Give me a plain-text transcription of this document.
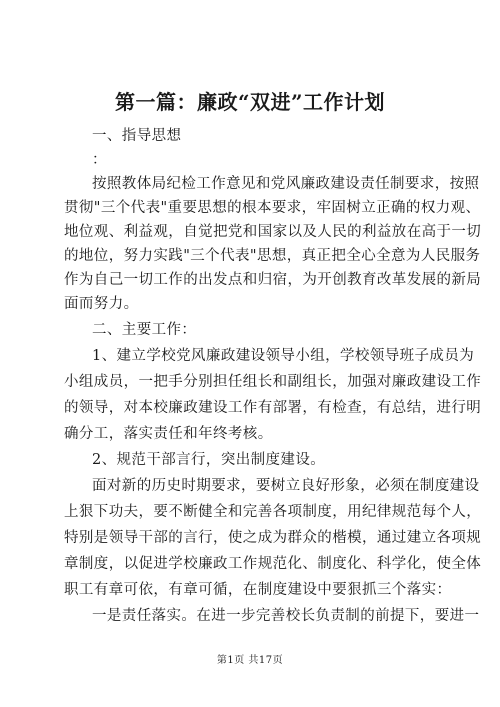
第一篇：廉政“双进”工作计划
一、指导思想
：
按照教体局纪检工作意见和党风廉政建设责任制要求，按照
贯彻"三个代表"重要思想的根本要求，牢固树立正确的权力观、
地位观、利益观，自觉把党和国家以及人民的利益放在高于一切
的地位，努力实践"三个代表"思想，真正把全心全意为人民服务
作为自己一切工作的出发点和归宿，为开创教育改革发展的新局
面而努力。
二、主要工作：
1、建立学校党风廉政建设领导小组，学校领导班子成员为
小组成员，一把手分别担任组长和副组长，加强对廉政建设工作
的领导，对本校廉政建设工作有部署，有检查，有总结，进行明
确分工，落实责任和年终考核。
2、规范干部言行，突出制度建设。
面对新的历史时期要求，要树立良好形象，必须在制度建设
上狠下功夫，要不断健全和完善各项制度，用纪律规范每个人，
特别是领导干部的言行，使之成为群众的楷模，通过建立各项规
章制度，以促进学校廉政工作规范化、制度化、科学化，使全体
职工有章可依，有章可循，在制度建设中要狠抓三个落实：
一是责任落实。在进一步完善校长负责制的前提下，要进一
第1页 共17页
